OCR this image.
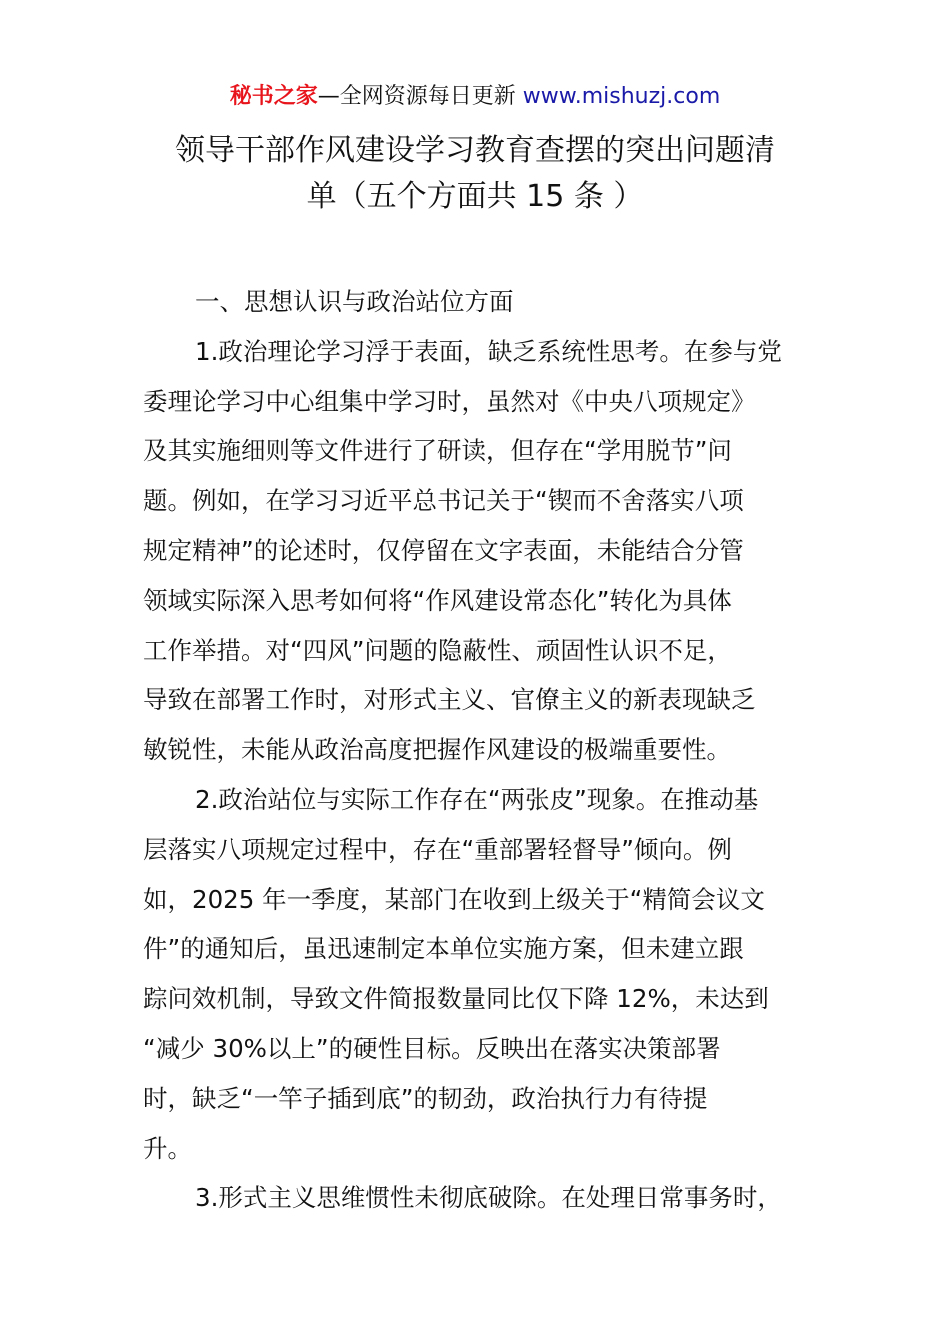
秘书之家—全网资源每日更新 www.mishuzj.com
领导干部作风建设学习教育查摆的突出问题清
单（五个方面共 15 条 ）
一、思想认识与政治站位方面
1.政治理论学习浮于表面，缺乏系统性思考。在参与党
委理论学习中心组集中学习时，虽然对《中央八项规定》
及其实施细则等文件进行了研读，但存在“学用脱节”问
题。例如，在学习习近平总书记关于“锲而不舍落实八项
规定精神”的论述时，仅停留在文字表面，未能结合分管
领域实际深入思考如何将“作风建设常态化”转化为具体
工作举措。对“四风”问题的隐蔽性、顽固性认识不足，
导致在部署工作时，对形式主义、官僚主义的新表现缺乏
敏锐性，未能从政治高度把握作风建设的极端重要性。
2.政治站位与实际工作存在“两张皮”现象。在推动基
层落实八项规定过程中，存在“重部署轻督导”倾向。例
如，2025 年一季度，某部门在收到上级关于“精简会议文
件”的通知后，虽迅速制定本单位实施方案，但未建立跟
踪问效机制，导致文件简报数量同比仅下降 12%，未达到
“减少 30%以上”的硬性目标。反映出在落实决策部署
时，缺乏“一竿子插到底”的韧劲，政治执行力有待提
升。
3.形式主义思维惯性未彻底破除。在处理日常事务时，
